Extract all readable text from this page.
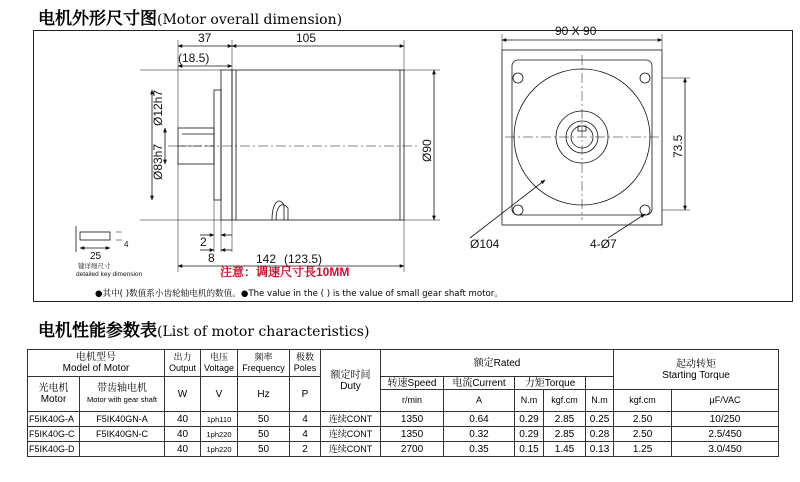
电机外形尺寸图(Motor overall dimension)
37	105
(18.5)
2
8	142 (123.5)
25
4
90 X 90
Ø104	4-Ø7
Ø83h7
Ø12h7
Ø90	73.5
键详细尺寸
detailed key dimension	注意：调速尺寸長10MM
●其中( )数值系小齿轮轴电机的数值。●The value in the ( ) is the value of small gear shaft motor。
电机性能参数表(List of motor characteristics)
电机型号
Model of Motor		出力
Output	电压
Voltage	频率
Frequency	极数
Poles	额定时间
Duty	额定Rated					起动转矩
Starting Torque

光电机
Motor	带齿轴电机
Motor with gear shaft	W	V	Hz	P		转速Speed	电流Current	力矩Torque					
							r/min	A	N.m	kgf.cm	N.m	kgf.cm	μF/VAC	
F5IK40G-A	F5IK40GN-A	40	1ph110	50	4	连续CONT	1350	0.64	0.29	2.85	0.25	2.50	10/250	
F5IK40G-C	F5IK40GN-C	40	1ph220	50	4	连续CONT	1350	0.32	0.29	2.85	0.28	2.50	2.5/450	
F5IK40G-D		40	1ph220	50	2	连续CONT	2700	0.35	0.15	1.45	0.13	1.25	3.0/450	
